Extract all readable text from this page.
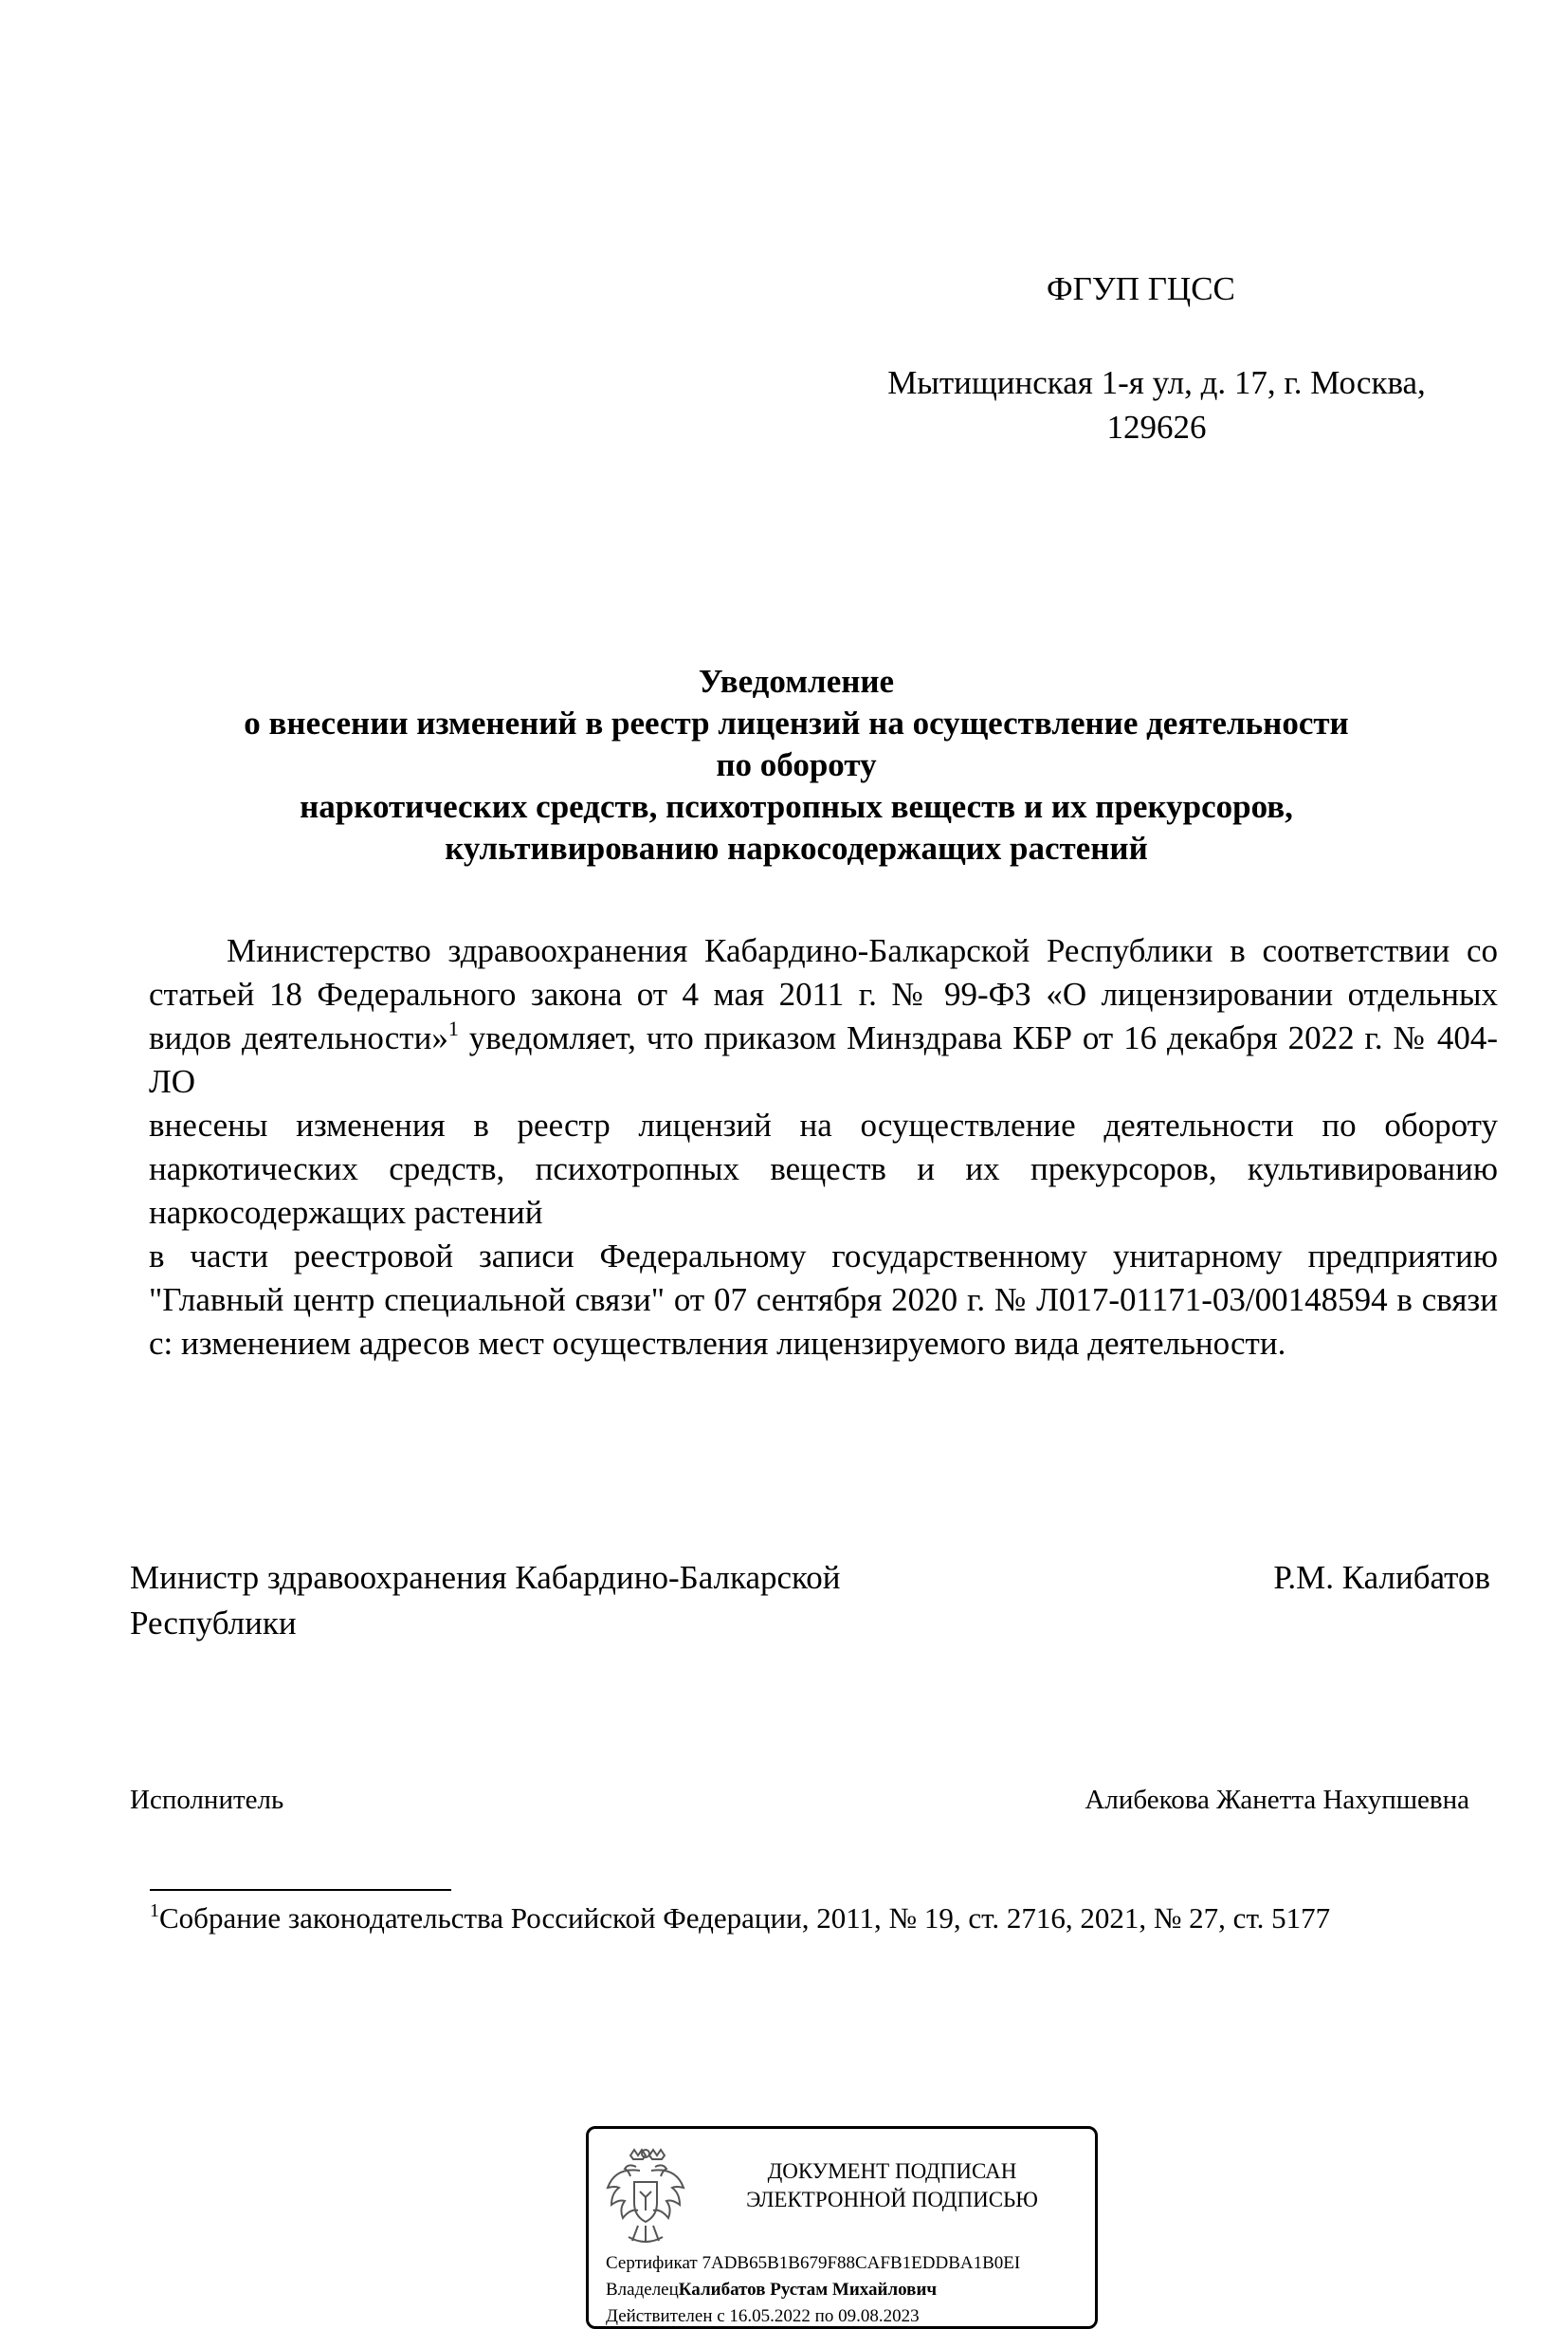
ФГУП ГЦСС
Мытищинская 1-я ул, д. 17, г. Москва,
129626
Уведомление
о внесении изменений в реестр лицензий на осуществление деятельности
по обороту
наркотических средств, психотропных веществ и их прекурсоров,
культивированию наркосодержащих растений

Министерство здравоохранения Кабардино-Балкарской Республики в соответствии со статьей 18 Федерального закона от 4 мая 2011 г. № 99-ФЗ «О лицензировании отдельных видов деятельности»$^1$ уведомляет, что приказом Минздрава КБР от 16 декабря 2022 г. № 404-ЛО

внесены изменения в реестр лицензий на осуществление деятельности по обороту наркотических средств, психотропных веществ и их прекурсоров, культивированию наркосодержащих растений

в части реестровой записи Федеральному государственному унитарному предприятию "Главный центр специальной связи" от 07 сентября 2020 г. № Л017-01171-03/00148594 в связи с: изменением адресов мест осуществления лицензируемого вида деятельности.

Министр здравоохранения Кабардино-Балкарской Республики
Р.М. Калибатов
Исполнитель	Алибекова Жанетта Нахупшевна
$^1$Собрание законодательства Российской Федерации, 2011, № 19, ст. 2716, 2021, № 27, ст. 5177
ДОКУМЕНТ ПОДПИСАН
ЭЛЕКТРОННОЙ ПОДПИСЬЮ
Сертификат 7ADB65B1B679F88CAFB1EDDBA1B0EI
ВладелецКалибатов Рустам Михайлович
Действителен с 16.05.2022 по 09.08.2023
